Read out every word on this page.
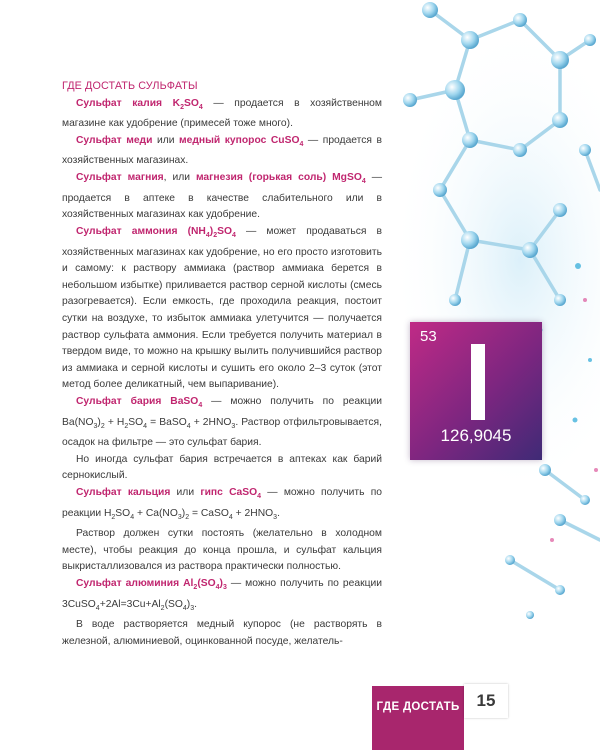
ГДЕ ДОСТАТЬ СУЛЬФАТЫ

Сульфат калия $K_2SO_4$ — продается в хозяйственном магазине как удобрение (примесей тоже много).

Сульфат меди или медный купорос CuSO$_4$ — продается в хозяйственных магазинах.

Сульфат магния, или магнезия (горькая соль) MgSO$_4$ — продается в аптеке в качестве слабительного или в хозяйственных магазинах как удобрение.

Сульфат аммония $(NH_4)_2SO_4$ — может продаваться в хозяйственных магазинах как удобрение, но его просто изготовить и самому: к раствору аммиака (раствор аммиака берется в небольшом избытке) приливается раствор серной кислоты (смесь разогревается). Если емкость, где проходила реакция, постоит сутки на воздухе, то избыток аммиака улетучится — получается раствор сульфата аммония. Если требуется получить материал в твердом виде, то можно на крышку вылить получившийся раствор из аммиака и серной кислоты и сушить его около 2–3 суток (этот метод более деликатный, чем выпаривание).

Сульфат бария BaSO$_4$ — можно получить по реакции $Ba(NO_3)_2 + H_2SO_4$ = BaSO$_4$ + $2HNO_3$. Раствор отфильтровывается, осадок на фильтре — это сульфат бария.

Но иногда сульфат бария встречается в аптеках как барий сернокислый.

Сульфат кальция или гипс CaSO$_4$ — можно получить по реакции $H_2SO_4 + Ca(NO_3)_2$ = CaSO$_4$ + $2HNO_3$.

Раствор должен сутки постоять (желательно в холодном месте), чтобы реакция до конца прошла, и сульфат кальция выкристаллизовался из раствора практически полностью.

Сульфат алюминия $Al_2(SO_4)_3$ — можно получить по реакции $3CuSO_4+2Al=3Cu+Al_2(SO_4)_3$.

В воде растворяется медный купорос (не растворять в железной, алюминиевой, оцинкованной посуде, желатель-

53
126,9045
ГДЕ ДОСТАТЬ	15
